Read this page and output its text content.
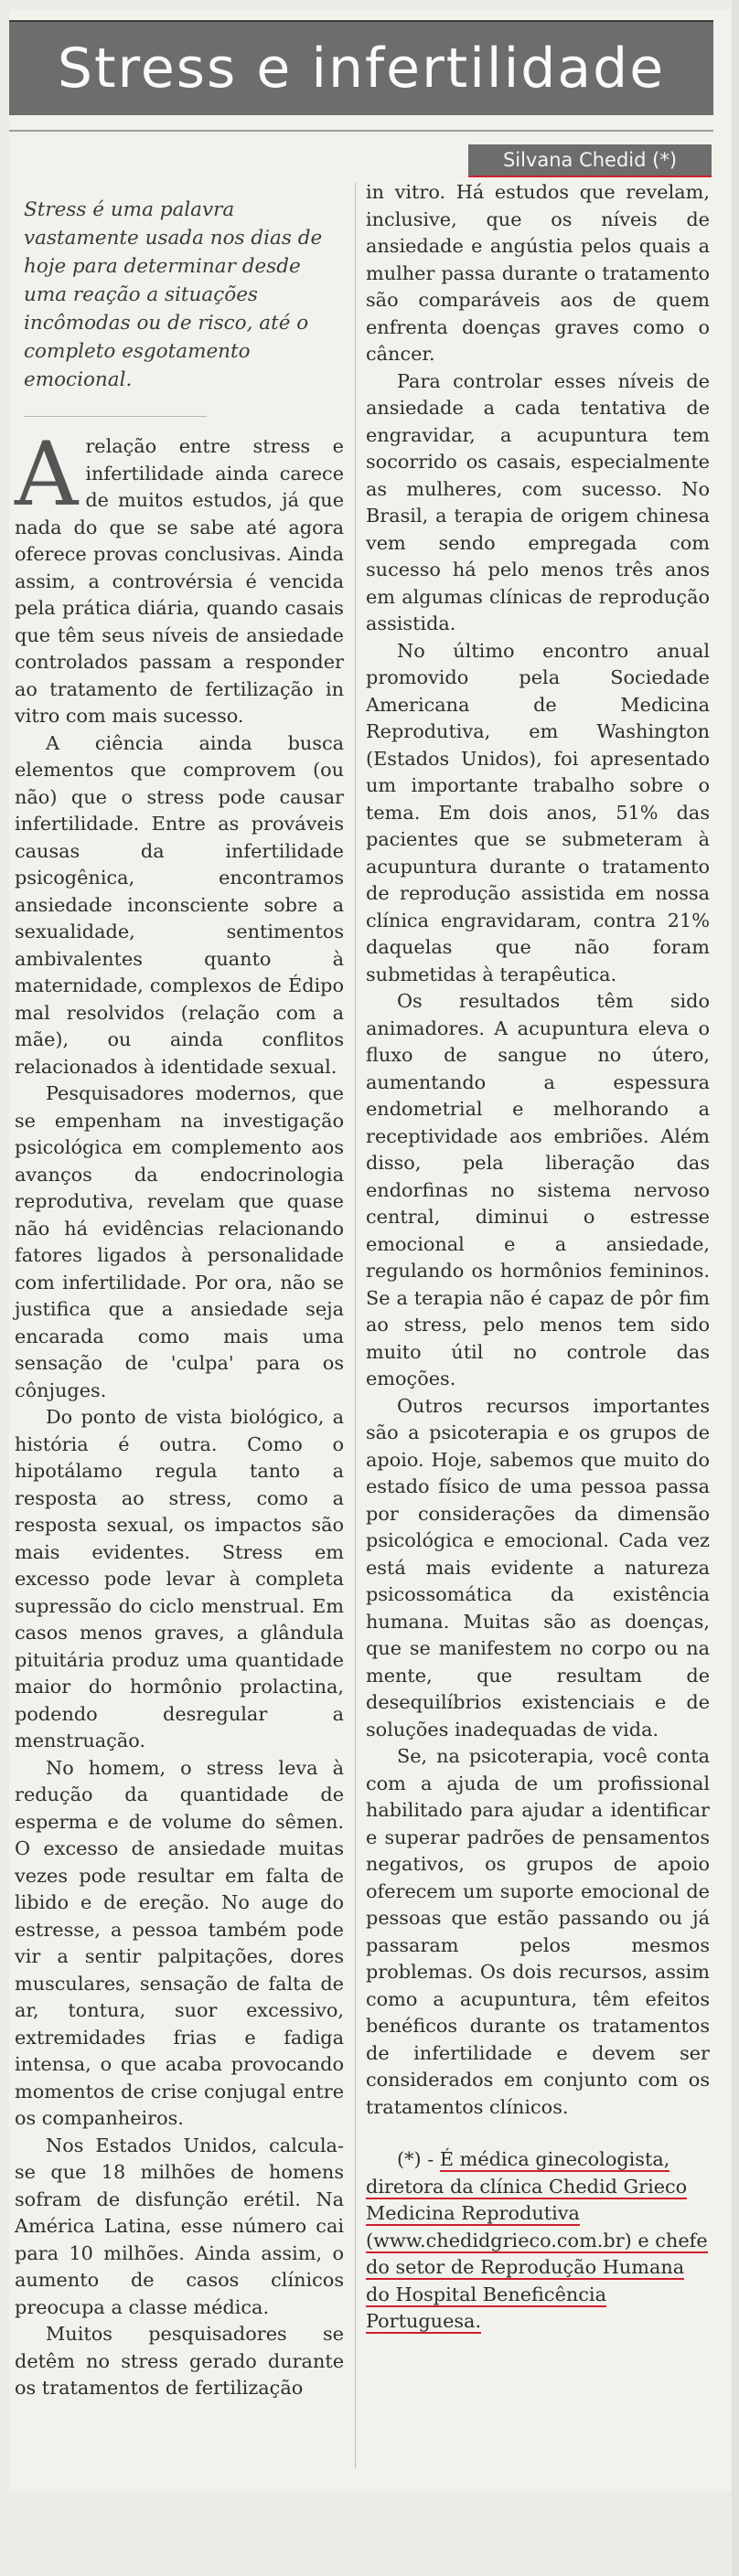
Stress e infertilidade
Silvana Chedid (*)

Stress é uma palavra vastamente usada nos dias de hoje para determinar desde uma reação a situações incômodas ou de risco, até o completo esgotamento emocional.

Arelação entre stress e infertilidade ainda carece de muitos estudos, já que nada do que se sabe até agora oferece provas conclusivas. Ainda assim, a controvérsia é vencida pela prática diária, quando casais que têm seus níveis de ansiedade controlados passam a responder ao tratamento de fertilização in vitro com mais sucesso.

A ciência ainda busca elementos que comprovem (ou não) que o stress pode causar infertilidade. Entre as prováveis causas da infertilidade psicogênica, encontramos ansiedade inconsciente sobre a sexualidade, sentimentos ambivalentes quanto à maternidade, complexos de Édipo mal resolvidos (relação com a mãe), ou ainda conflitos relacionados à identidade sexual.

Pesquisadores modernos, que se empenham na investigação psicológica em complemento aos avanços da endocrinologia reprodutiva, revelam que quase não há evidências relacionando fatores ligados à personalidade com infertilidade. Por ora, não se justifica que a ansiedade seja encarada como mais uma sensação de 'culpa' para os cônjuges.

Do ponto de vista biológico, a história é outra. Como o hipotálamo regula tanto a resposta ao stress, como a resposta sexual, os impactos são mais evidentes. Stress em excesso pode levar à completa supressão do ciclo menstrual. Em casos menos graves, a glândula pituitária produz uma quantidade maior do hormônio prolactina, podendo desregular a menstruação.

No homem, o stress leva à redução da quantidade de esperma e de volume do sêmen. O excesso de ansiedade muitas vezes pode resultar em falta de libido e de ereção. No auge do estresse, a pessoa também pode vir a sentir palpitações, dores musculares, sensação de falta de ar, tontura, suor excessivo, extremidades frias e fadiga intensa, o que acaba provocando momentos de crise conjugal entre os companheiros.

Nos Estados Unidos, calcula-se que 18 milhões de homens sofram de disfunção erétil. Na América Latina, esse número cai para 10 milhões. Ainda assim, o aumento de casos clínicos preocupa a classe médica.

Muitos pesquisadores se detêm no stress gerado durante os tratamentos de fertilização

in vitro. Há estudos que revelam, inclusive, que os níveis de ansiedade e angústia pelos quais a mulher passa durante o tratamento são comparáveis aos de quem enfrenta doenças graves como o câncer.

Para controlar esses níveis de ansiedade a cada tentativa de engravidar, a acupuntura tem socorrido os casais, especialmente as mulheres, com sucesso. No Brasil, a terapia de origem chinesa vem sendo empregada com sucesso há pelo menos três anos em algumas clínicas de reprodução assistida.

No último encontro anual promovido pela Sociedade Americana de Medicina Reprodutiva, em Washington (Estados Unidos), foi apresentado um importante trabalho sobre o tema. Em dois anos, 51% das pacientes que se submeteram à acupuntura durante o tratamento de reprodução assistida em nossa clínica engravidaram, contra 21% daquelas que não foram submetidas à terapêutica.

Os resultados têm sido animadores. A acupuntura eleva o fluxo de sangue no útero, aumentando a espessura endometrial e melhorando a receptividade aos embriões. Além disso, pela liberação das endorfinas no sistema nervoso central, diminui o estresse emocional e a ansiedade, regulando os hormônios femininos. Se a terapia não é capaz de pôr fim ao stress, pelo menos tem sido muito útil no controle das emoções.

Outros recursos importantes são a psicoterapia e os grupos de apoio. Hoje, sabemos que muito do estado físico de uma pessoa passa por considerações da dimensão psicológica e emocional. Cada vez está mais evidente a natureza psicossomática da existência humana. Muitas são as doenças, que se manifestem no corpo ou na mente, que resultam de desequilíbrios existenciais e de soluções inadequadas de vida.

Se, na psicoterapia, você conta com a ajuda de um profissional habilitado para ajudar a identificar e superar padrões de pensamentos negativos, os grupos de apoio oferecem um suporte emocional de pessoas que estão passando ou já passaram pelos mesmos problemas. Os dois recursos, assim como a acupuntura, têm efeitos benéficos durante os tratamentos de infertilidade e devem ser considerados em conjunto com os tratamentos clínicos.

(*) - É médica ginecologista, diretora da clínica Chedid Grieco Medicina Reprodutiva (www.chedidgrieco.com.br) e chefe do setor de Reprodução Humana do Hospital Beneficência Portuguesa.
